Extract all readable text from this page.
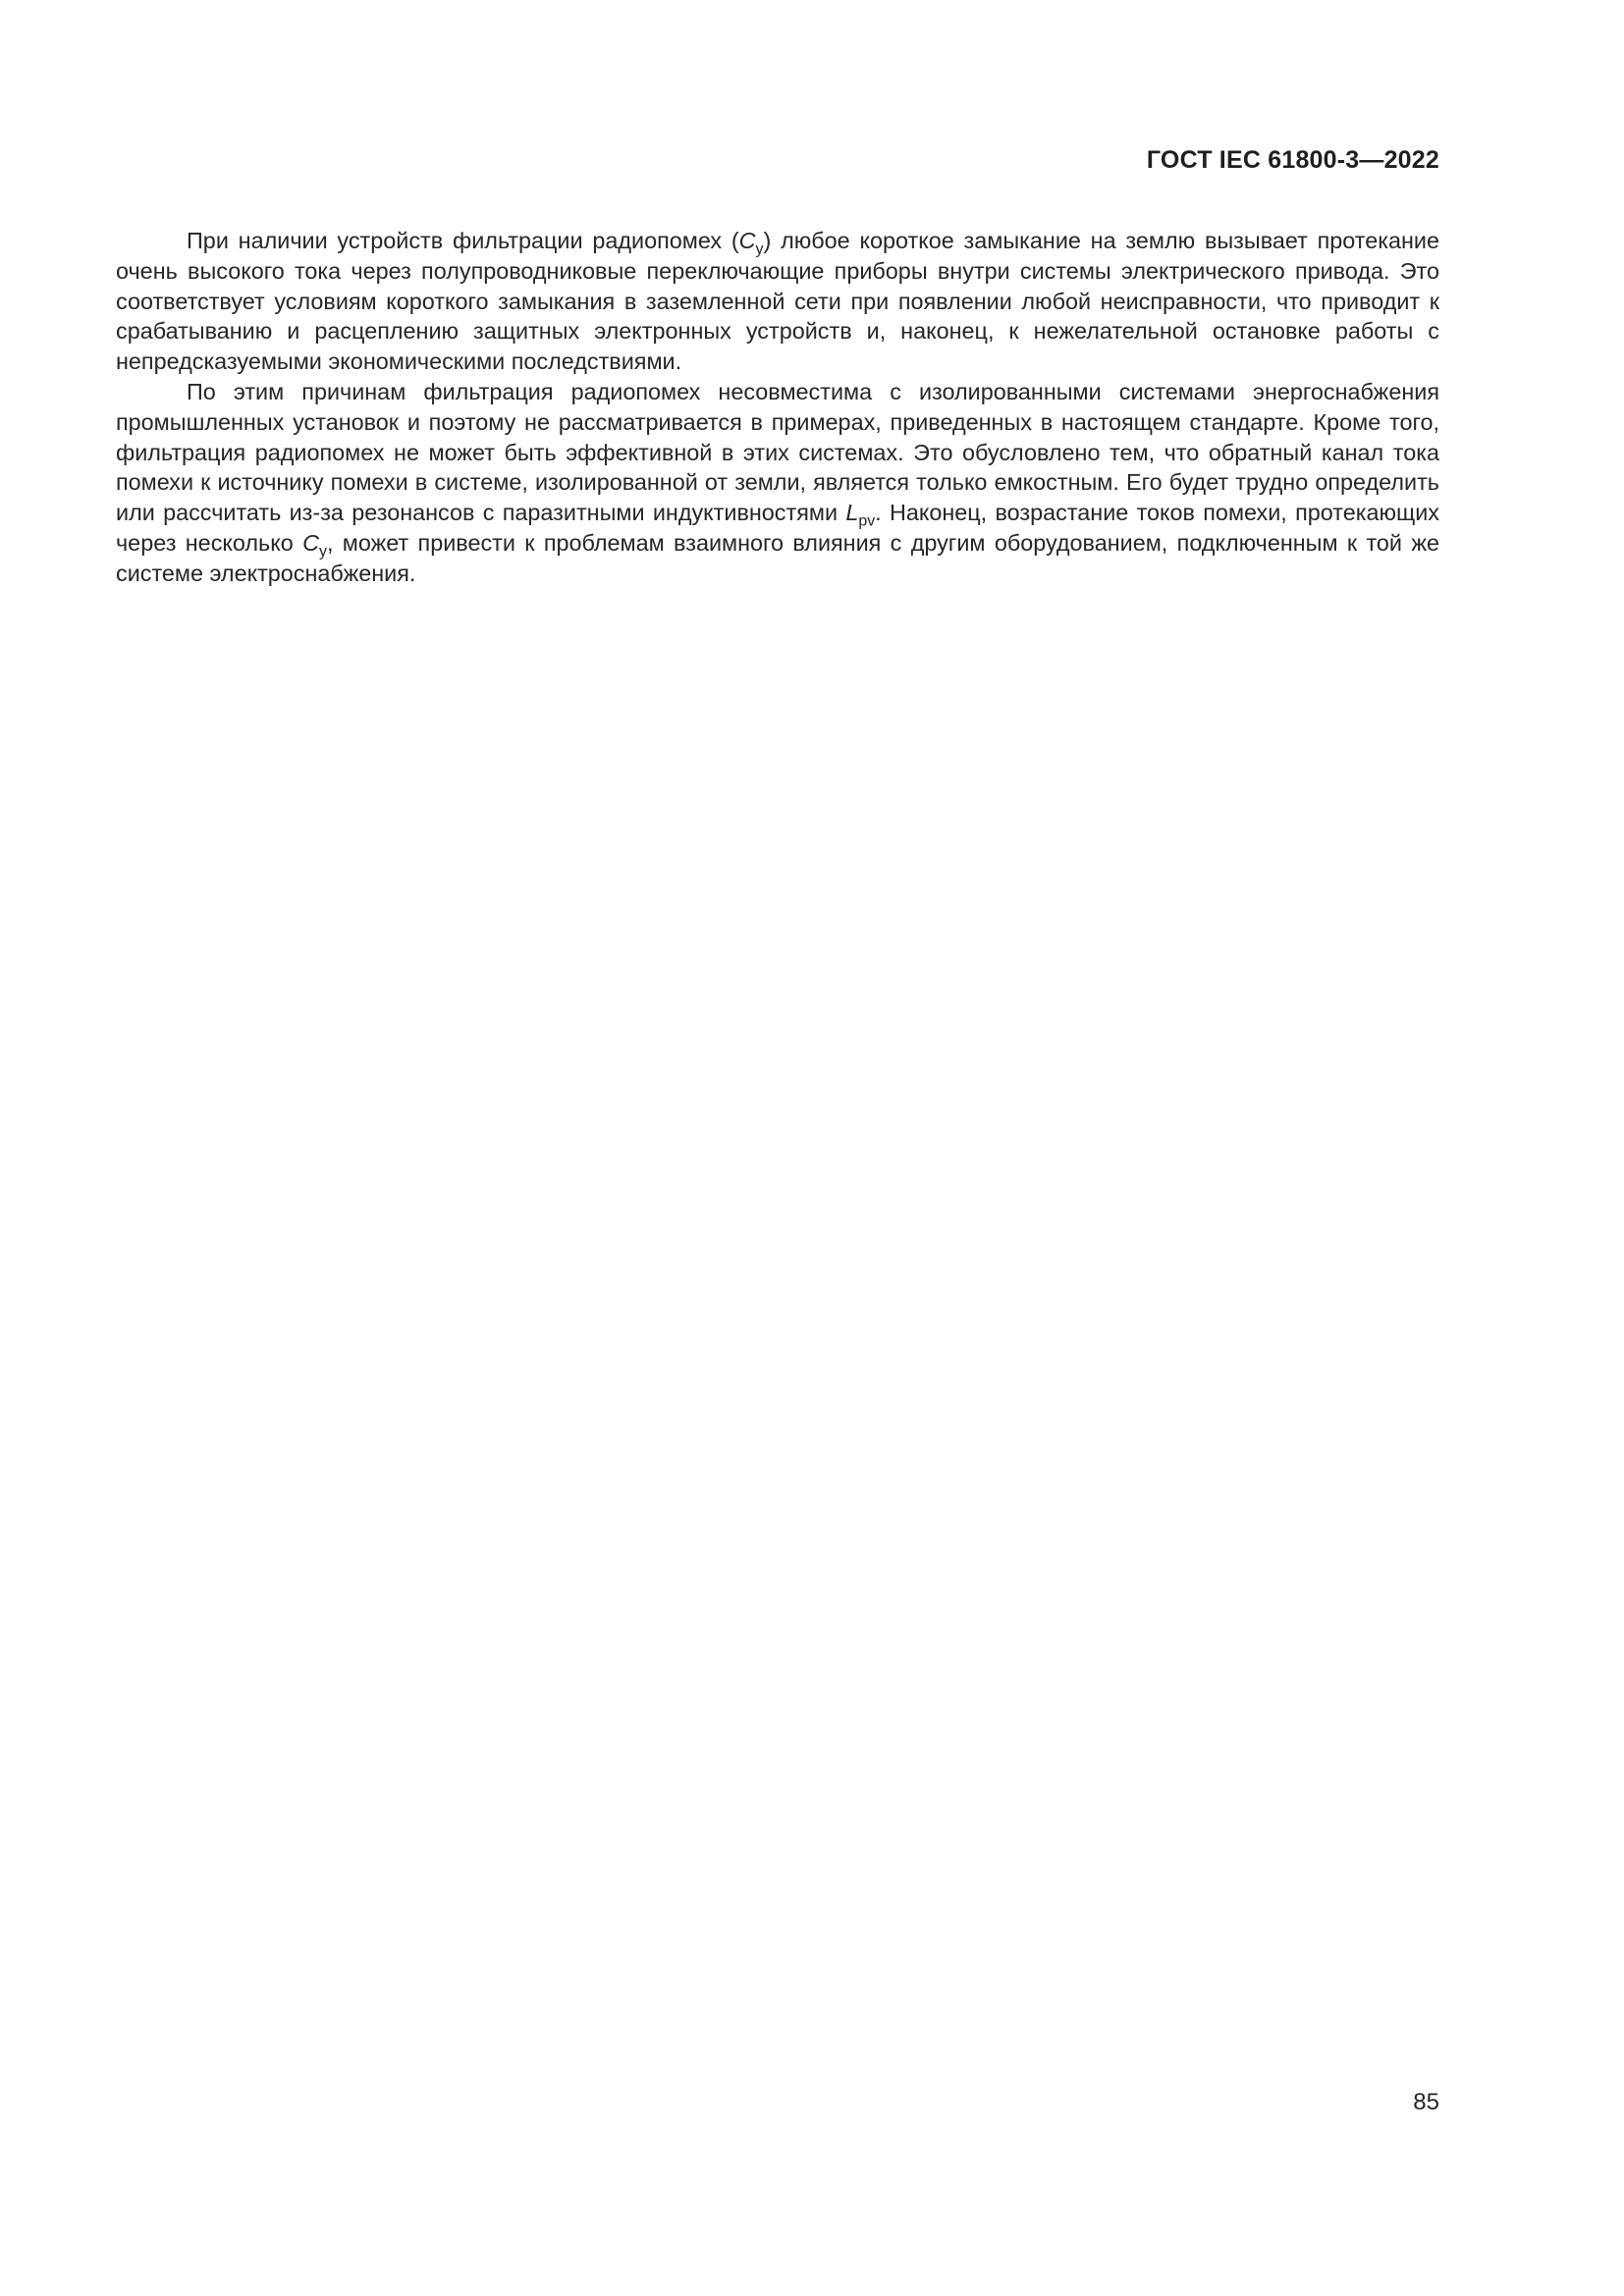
ГОСТ IEC 61800-3—2022

При наличии устройств фильтрации радиопомех $(C_y)$ любое короткое замыкание на землю вызывает протекание очень высокого тока через полупроводниковые переключающие приборы внутри системы электрического привода. Это соответствует условиям короткого замыкания в заземленной сети при появлении любой неисправности, что приводит к срабатыванию и расцеплению защитных электронных устройств и, наконец, к нежелательной остановке работы с непредсказуемыми экономическими последствиями.

По этим причинам фильтрация радиопомех несовместима с изолированными системами энергоснабжения промышленных установок и поэтому не рассматривается в примерах, приведенных в настоящем стандарте. Кроме того, фильтрация радиопомех не может быть эффективной в этих системах. Это обусловлено тем, что обратный канал тока помехи к источнику помехи в системе, изолированной от земли, является только емкостным. Его будет трудно определить или рассчитать из-за резонансов с паразитными индуктивностями $L_{pv}$. Наконец, возрастание токов помехи, протекающих через несколько $C_y$, может привести к проблемам взаимного влияния с другим оборудованием, подключенным к той же системе электроснабжения.

85
